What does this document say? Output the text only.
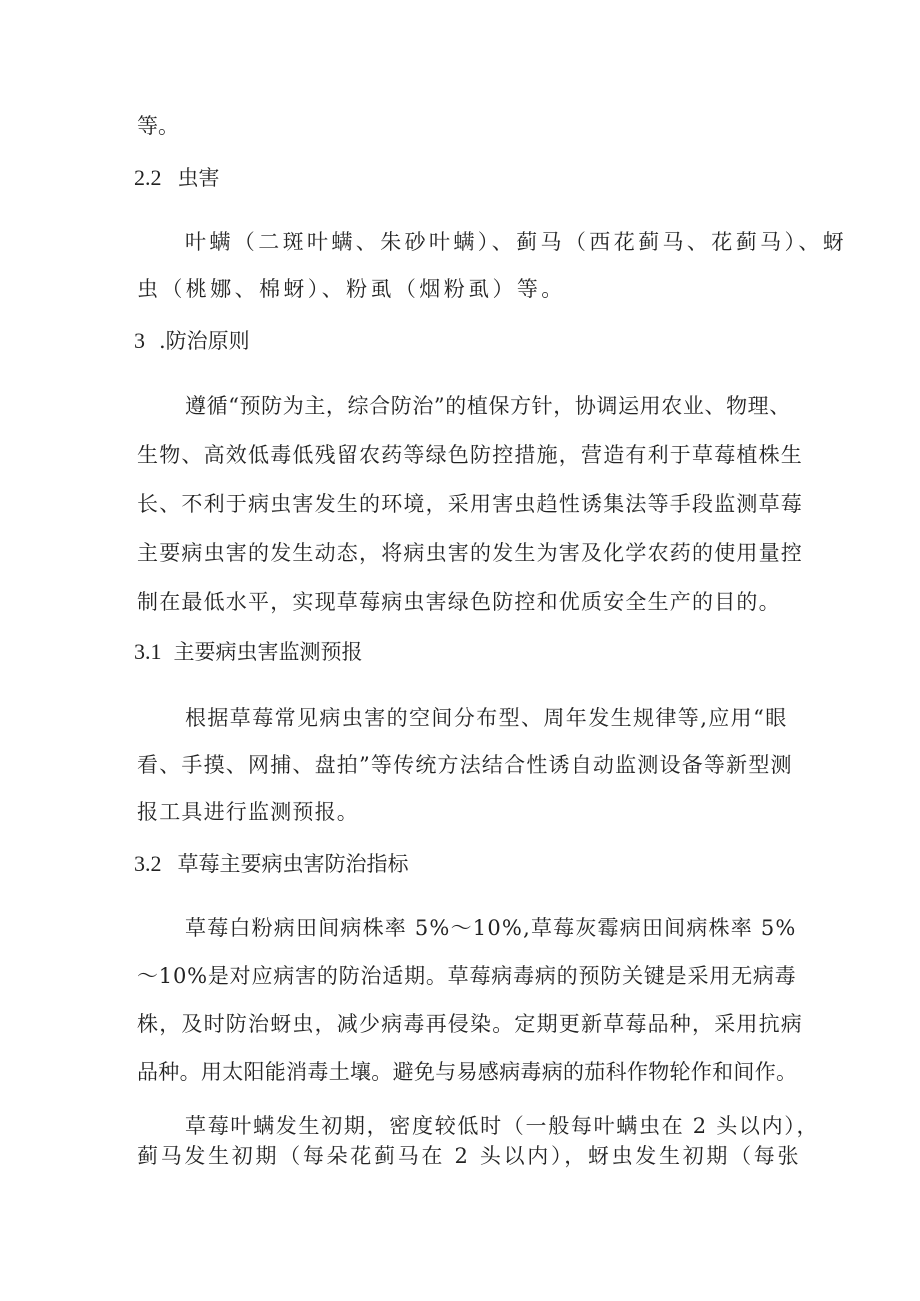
等。
2.2 虫害
叶螨（二斑叶螨、朱砂叶螨）、蓟马（西花蓟马、花蓟马）、蚜
虫（桃娜、棉蚜）、粉虱（烟粉虱）等。
3 .防治原则
遵循“预防为主，综合防治”的植保方针，协调运用农业、物理、
生物、高效低毒低残留农药等绿色防控措施，营造有利于草莓植株生
长、不利于病虫害发生的环境，采用害虫趋性诱集法等手段监测草莓
主要病虫害的发生动态，将病虫害的发生为害及化学农药的使用量控
制在最低水平，实现草莓病虫害绿色防控和优质安全生产的目的。
3.1 主要病虫害监测预报
根据草莓常见病虫害的空间分布型、周年发生规律等,应用“眼
看、手摸、网捕、盘拍”等传统方法结合性诱自动监测设备等新型测
报工具进行监测预报。
3.2 草莓主要病虫害防治指标
草莓白粉病田间病株率 5%～10%,草莓灰霉病田间病株率 5%
～10%是对应病害的防治适期。草莓病毒病的预防关键是采用无病毒
株，及时防治蚜虫，减少病毒再侵染。定期更新草莓品种，采用抗病
品种。用太阳能消毒土壤。避免与易感病毒病的茄科作物轮作和间作。
草莓叶螨发生初期，密度较低时（一般每叶螨虫在 2 头以内），
蓟马发生初期（每朵花蓟马在 2 头以内），蚜虫发生初期（每张
